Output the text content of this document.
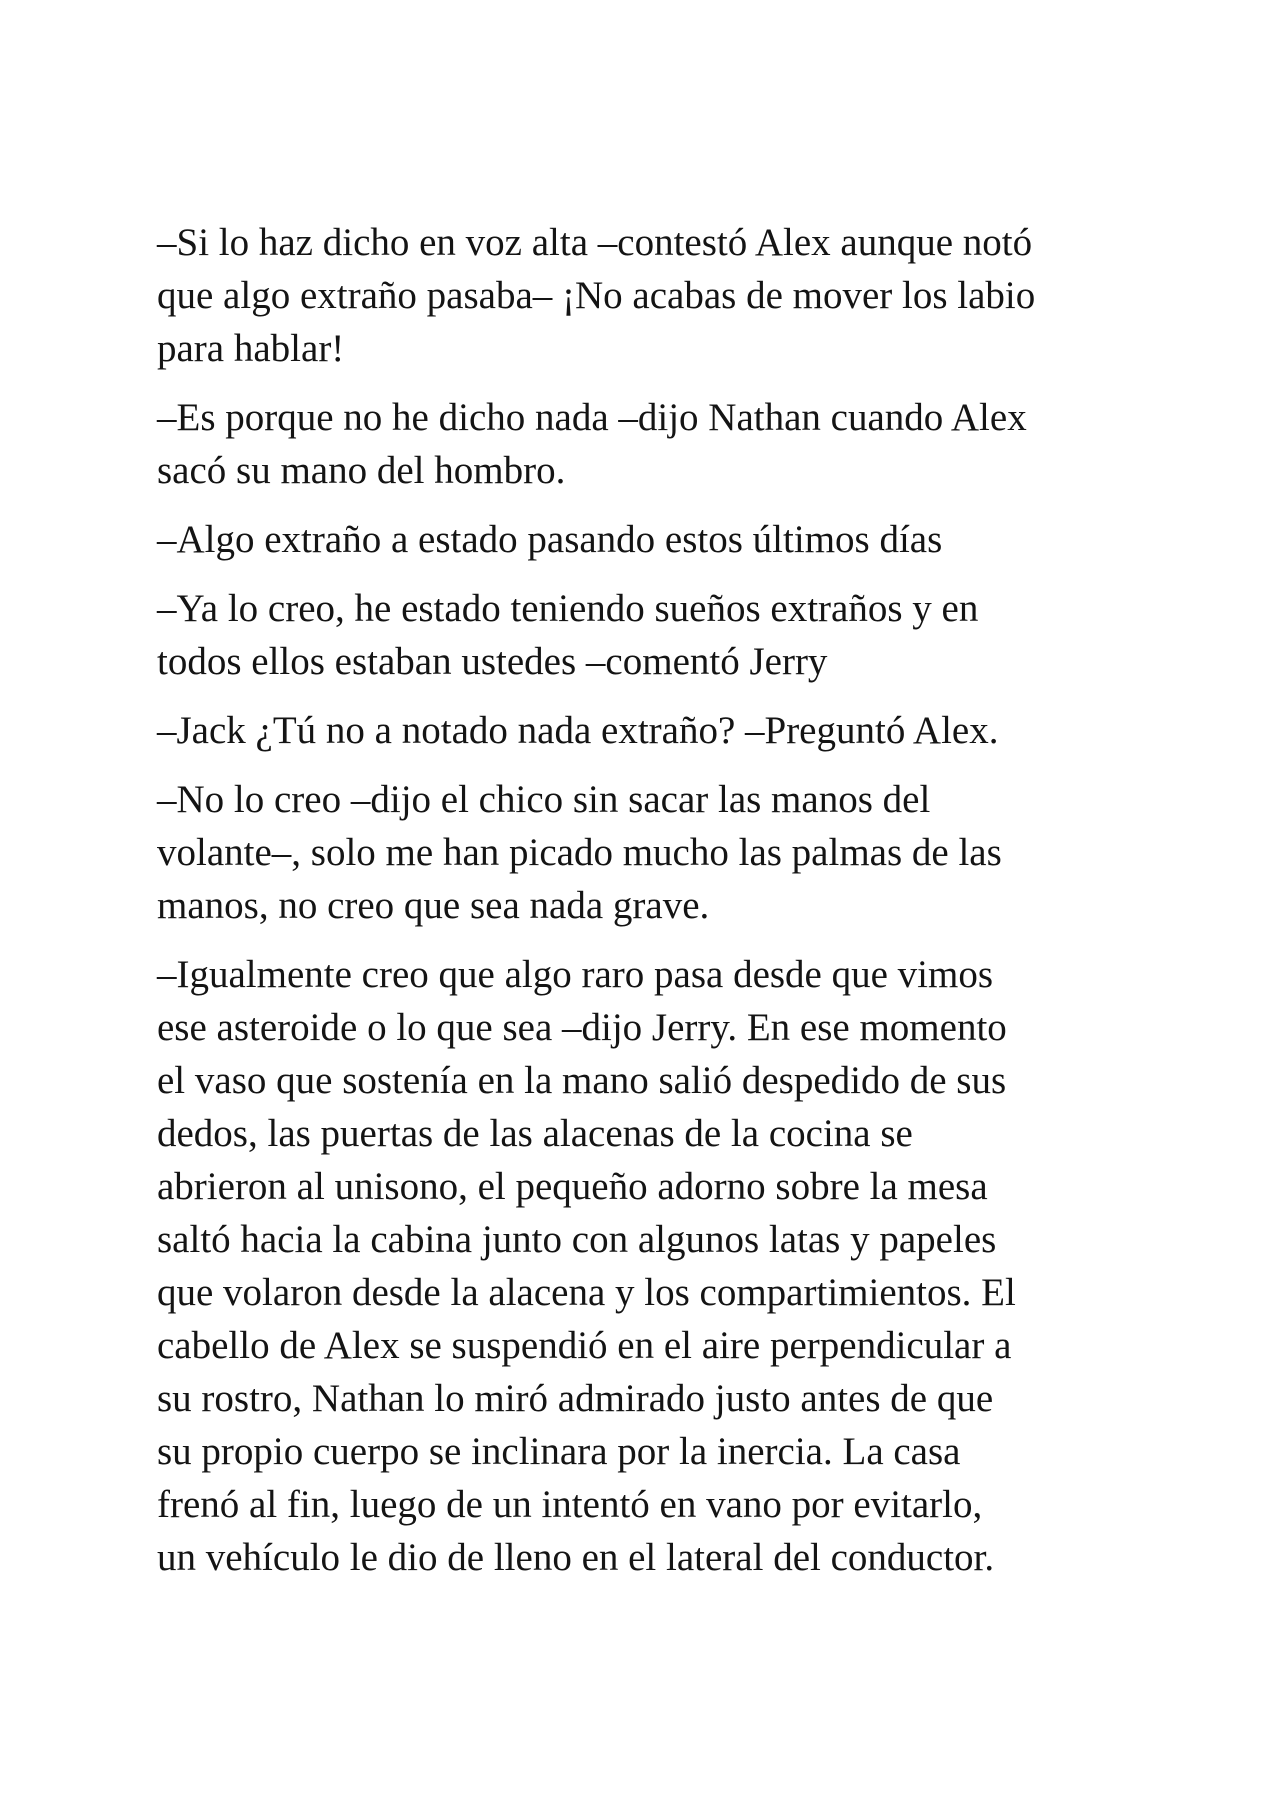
–Si lo haz dicho en voz alta –contestó Alex aunque notó
que algo extraño pasaba– ¡No acabas de mover los labio
para hablar!

–Es porque no he dicho nada –dijo Nathan cuando Alex
sacó su mano del hombro.

–Algo extraño a estado pasando estos últimos días

–Ya lo creo, he estado teniendo sueños extraños y en
todos ellos estaban ustedes –comentó Jerry

–Jack ¿Tú no a notado nada extraño? –Preguntó Alex.

–No lo creo –dijo el chico sin sacar las manos del
volante–, solo me han picado mucho las palmas de las
manos, no creo que sea nada grave.

–Igualmente creo que algo raro pasa desde que vimos
ese asteroide o lo que sea –dijo Jerry. En ese momento
el vaso que sostenía en la mano salió despedido de sus
dedos, las puertas de las alacenas de la cocina se
abrieron al unisono, el pequeño adorno sobre la mesa
saltó hacia la cabina junto con algunos latas y papeles
que volaron desde la alacena y los compartimientos. El
cabello de Alex se suspendió en el aire perpendicular a
su rostro, Nathan lo miró admirado justo antes de que
su propio cuerpo se inclinara por la inercia. La casa
frenó al fin, luego de un intentó en vano por evitarlo,
un vehículo le dio de lleno en el lateral del conductor.
